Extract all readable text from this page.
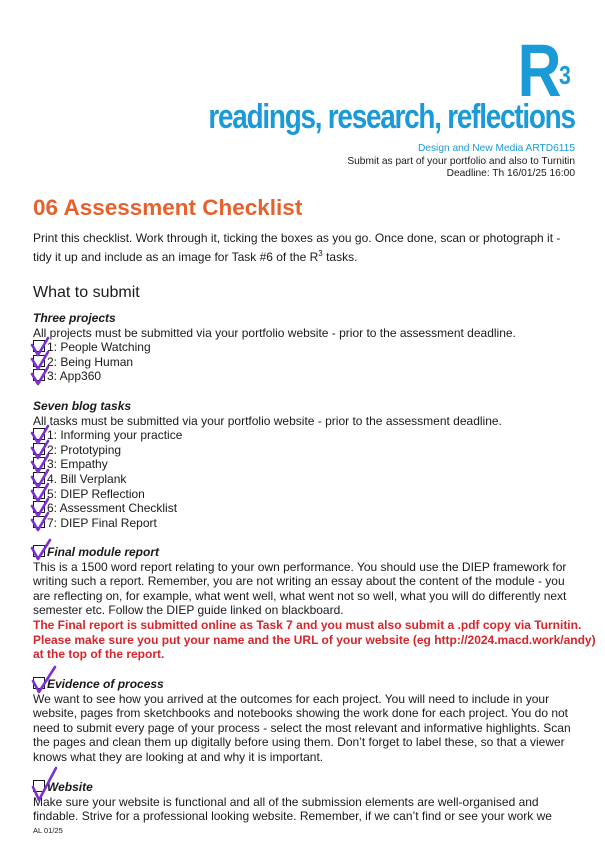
$R^3$
readings, research, reflections
Design and New Media ARTD6115
Submit as part of your portfolio and also to Turnitin
Deadline: Th 16/01/25 16:00
06 Assessment Checklist

Print this checklist. Work through it, ticking the boxes as you go. Once done, scan or photograph it -
tidy it up and include as an image for Task #6 of the $R^3$ tasks.

What to submit
Three projects
All projects must be submitted via your portfolio website - prior to the assessment deadline.
1: People Watching
2: Being Human
3: App360
Seven blog tasks
All tasks must be submitted via your portfolio website - prior to the assessment deadline.
1: Informing your practice
2: Prototyping
3: Empathy
4. Bill Verplank
5: DIEP Reflection
6: Assessment Checklist
7: DIEP Final Report
Final module report
This is a 1500 word report relating to your own performance. You should use the DIEP framework for
writing such a report. Remember, you are not writing an essay about the content of the module - you
are reflecting on, for example, what went well, what went not so well, what you will do differently next
semester etc. Follow the DIEP guide linked on blackboard.
The Final report is submitted online as Task 7 and you must also submit a .pdf copy via Turnitin.
Please make sure you put your name and the URL of your website (eg http://2024.macd.work/andy)
at the top of the report.
Evidence of process
We want to see how you arrived at the outcomes for each project. You will need to include in your
website, pages from sketchbooks and notebooks showing the work done for each project. You do not
need to submit every page of your process - select the most relevant and informative highlights. Scan
the pages and clean them up digitally before using them. Don’t forget to label these, so that a viewer
knows what they are looking at and why it is important.
Website
Make sure your website is functional and all of the submission elements are well-organised and
findable. Strive for a professional looking website. Remember, if we can’t find or see your work we
AL 01/25
